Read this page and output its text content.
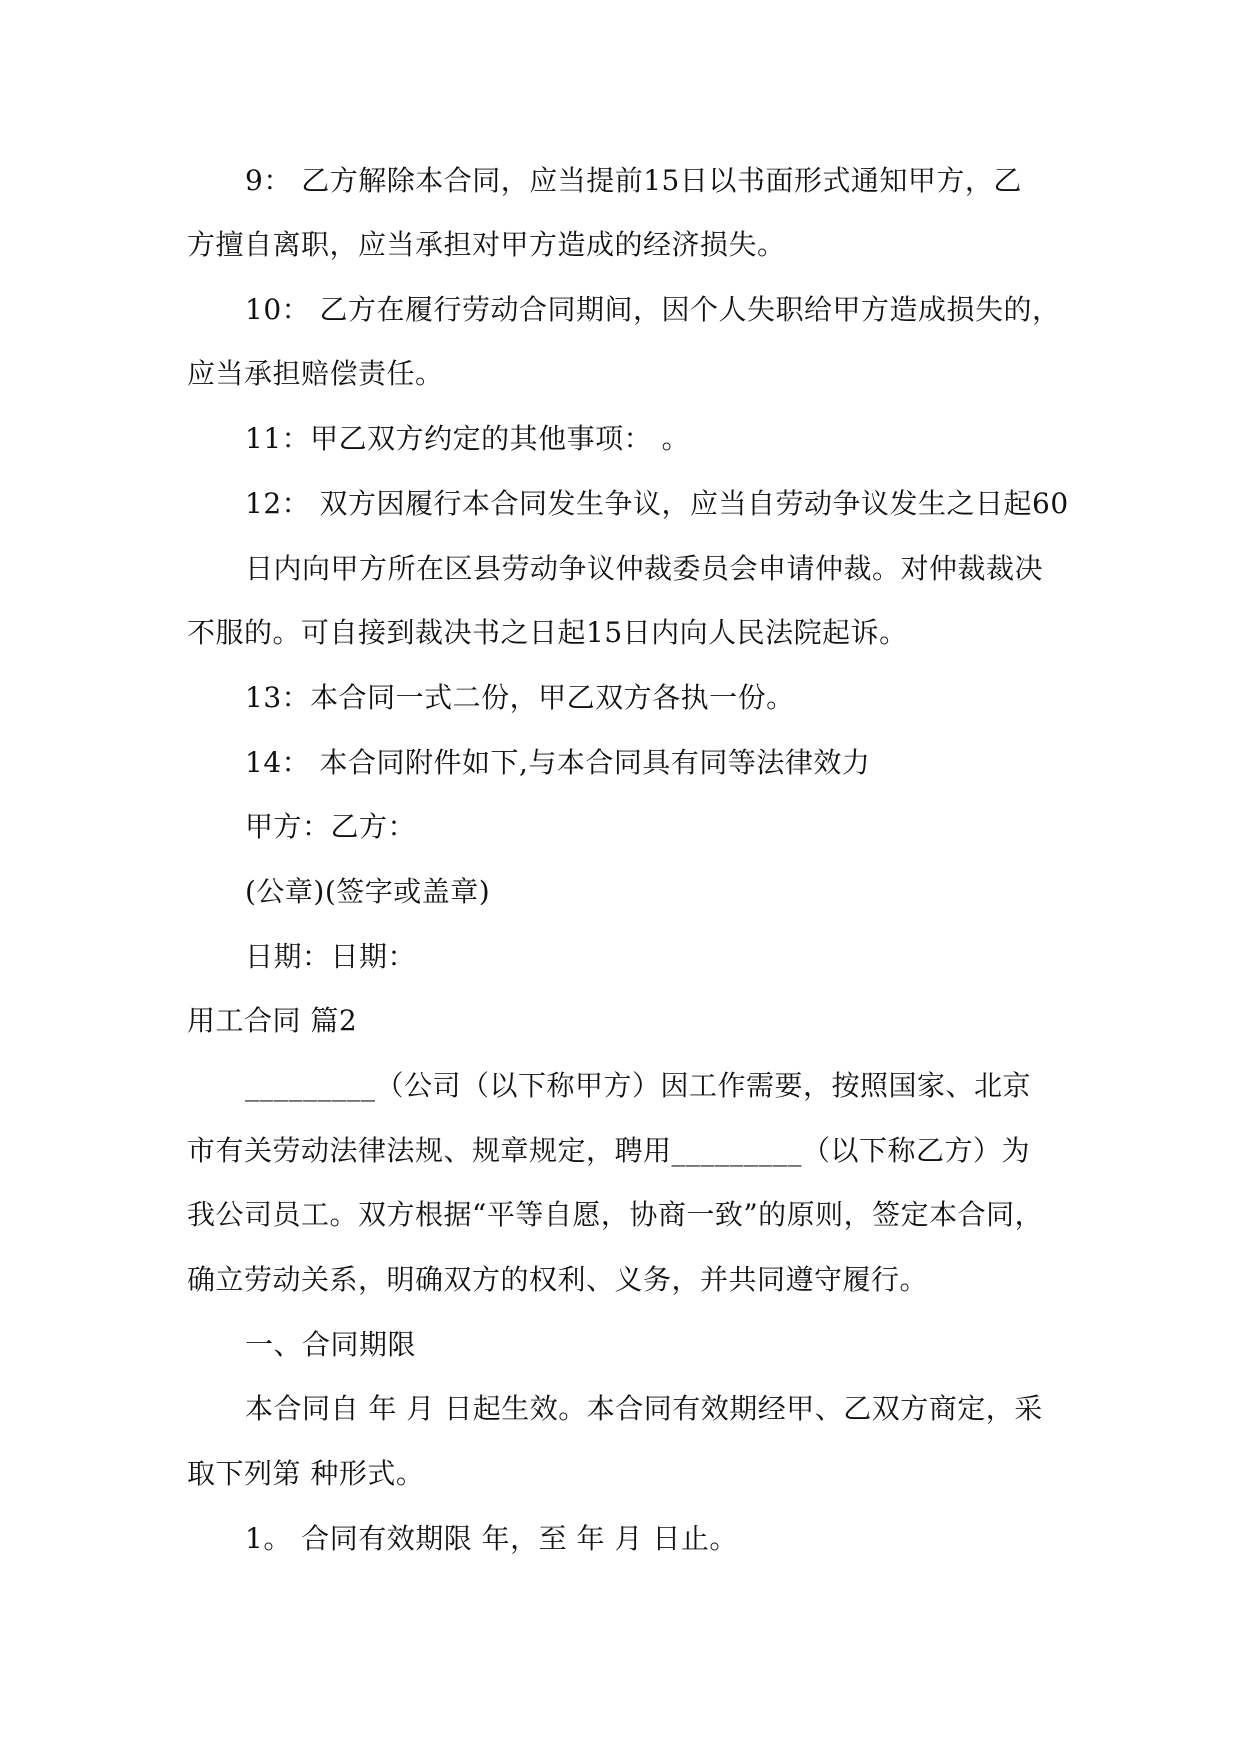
9： 乙方解除本合同，应当提前15日以书面形式通知甲方，乙
方擅自离职，应当承担对甲方造成的经济损失。
10： 乙方在履行劳动合同期间，因个人失职给甲方造成损失的，
应当承担赔偿责任。
11：甲乙双方约定的其他事项： 。
12： 双方因履行本合同发生争议，应当自劳动争议发生之日起60
日内向甲方所在区县劳动争议仲裁委员会申请仲裁。对仲裁裁决
不服的。可自接到裁决书之日起15日内向人民法院起诉。
13：本合同一式二份，甲乙双方各执一份。
14： 本合同附件如下,与本合同具有同等法律效力
甲方：乙方：
(公章)(签字或盖章)
日期：日期：
用工合同 篇2
_________（公司（以下称甲方）因工作需要，按照国家、北京
市有关劳动法律法规、规章规定，聘用_________（以下称乙方）为
我公司员工。双方根据“平等自愿，协商一致”的原则，签定本合同，
确立劳动关系，明确双方的权利、义务，并共同遵守履行。
一、合同期限
本合同自 年 月 日起生效。本合同有效期经甲、乙双方商定，采
取下列第 种形式。
1。 合同有效期限 年，至 年 月 日止。
